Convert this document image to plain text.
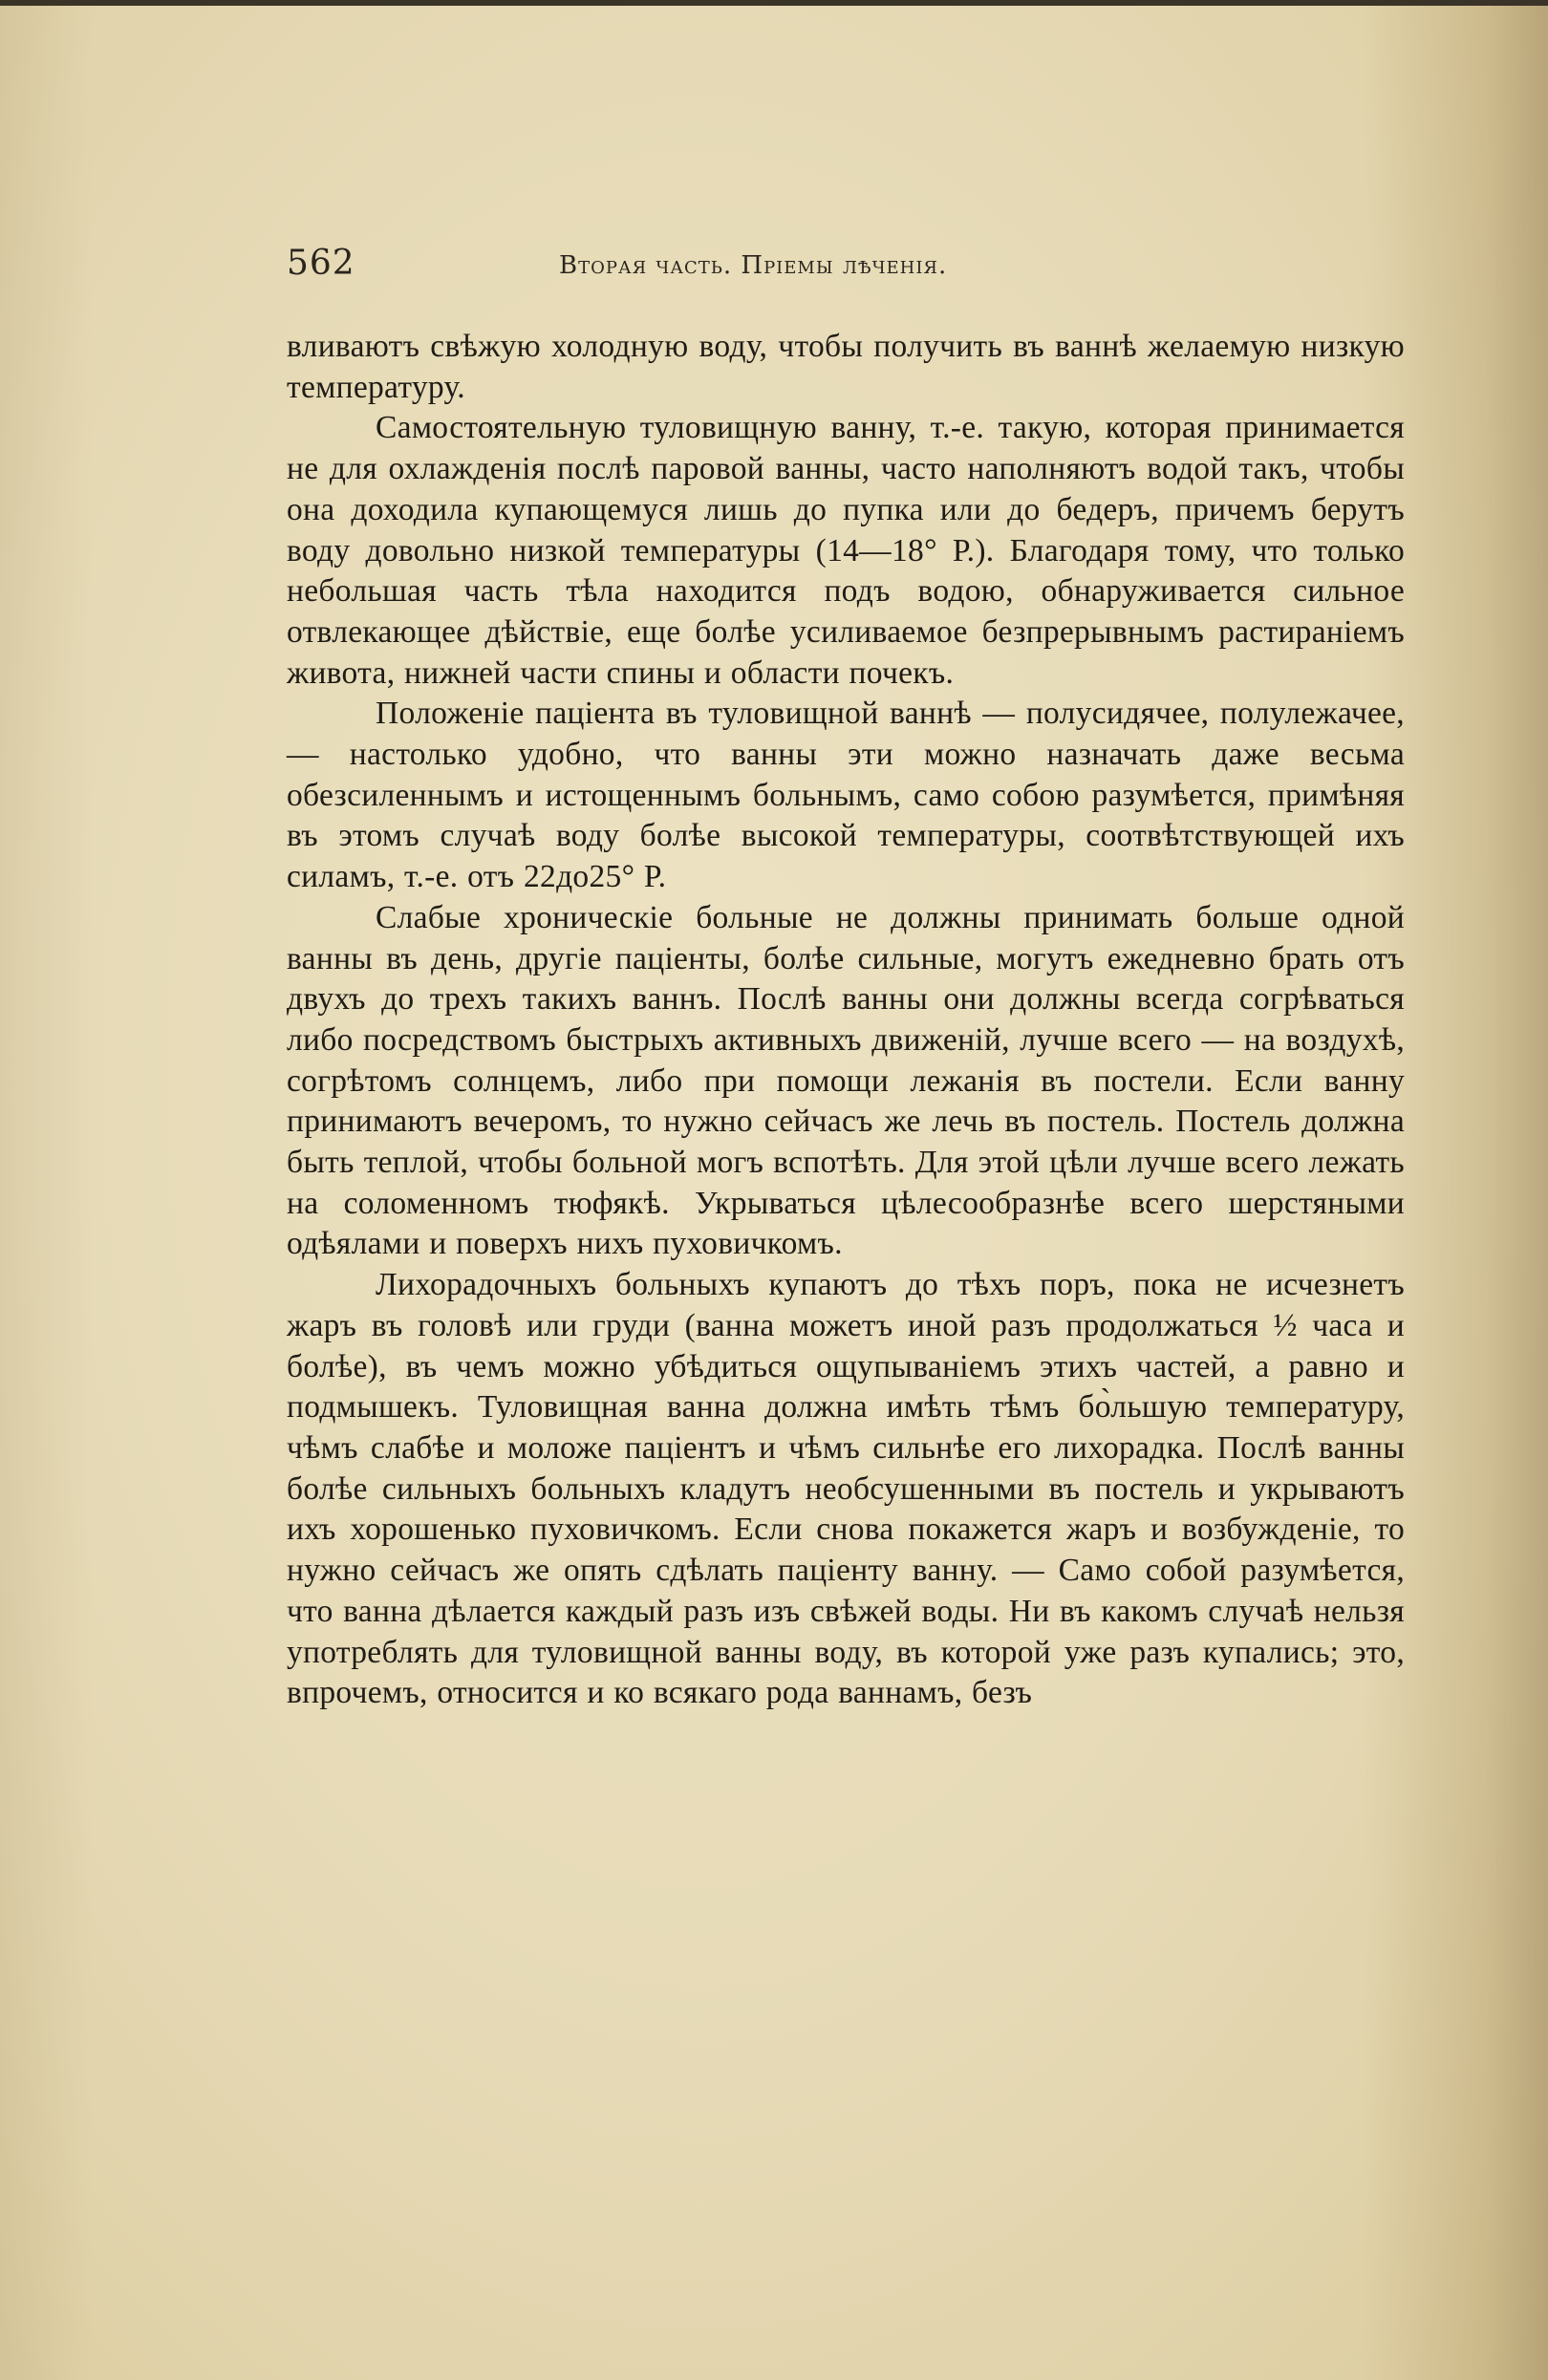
562	Вторая часть. Пріемы лѣченія.

вливаютъ свѣжую холодную воду, чтобы получить въ ваннѣ желаемую низкую температуру.

Самостоятельную туловищную ванну, т.-е. такую, которая принимается не для охлажденія послѣ паровой ванны, часто наполняютъ водой такъ, чтобы она доходила купающемуся лишь до пупка или до бедеръ, причемъ берутъ воду довольно низкой температуры (14—18° Р.). Благодаря тому, что только небольшая часть тѣла находится подъ водою, обнаруживается сильное отвлекающее дѣйствіе, еще болѣе усиливаемое безпрерывнымъ растираніемъ живота, нижней части спины и области почекъ.

Положеніе паціента въ туловищной ваннѣ — полусидячее, полулежачее, — настолько удобно, что ванны эти можно назначать даже весьма обезсиленнымъ и истощеннымъ больнымъ, само собою разумѣется, примѣняя въ этомъ случаѣ воду болѣе высокой температуры, соотвѣтствующей ихъ силамъ, т.-е. отъ 22до25° Р.

Слабые хроническіе больные не должны принимать больше одной ванны въ день, другіе паціенты, болѣе сильные, могутъ ежедневно брать отъ двухъ до трехъ такихъ ваннъ. Послѣ ванны они должны всегда согрѣваться либо посредствомъ быстрыхъ активныхъ движеній, лучше всего — на воздухѣ, согрѣтомъ солнцемъ, либо при помощи лежанія въ постели. Если ванну принимаютъ вечеромъ, то нужно сейчасъ же лечь въ постель. Постель должна быть теплой, чтобы больной могъ вспотѣть. Для этой цѣли лучше всего лежать на соломенномъ тюфякѣ. Укрываться цѣлесообразнѣе всего шерстяными одѣялами и поверхъ нихъ пуховичкомъ.

Лихорадочныхъ больныхъ купаютъ до тѣхъ поръ, пока не исчезнетъ жаръ въ головѣ или груди (ванна можетъ иной разъ продолжаться ½ часа и болѣе), въ чемъ можно убѣдиться ощупываніемъ этихъ частей, а равно и подмышекъ. Туловищная ванна должна имѣть тѣмъ бо̀льшую температуру, чѣмъ слабѣе и моложе паціентъ и чѣмъ сильнѣе его лихорадка. Послѣ ванны болѣе сильныхъ больныхъ кладутъ необсушенными въ постель и укрываютъ ихъ хорошенько пуховичкомъ. Если снова покажется жаръ и возбужденіе, то нужно сейчасъ же опять сдѣлать паціенту ванну. — Само собой разумѣется, что ванна дѣлается каждый разъ изъ свѣжей воды. Ни въ какомъ случаѣ нельзя употреблять для туловищной ванны воду, въ которой уже разъ купались; это, впрочемъ, относится и ко всякаго рода ваннамъ, безъ
